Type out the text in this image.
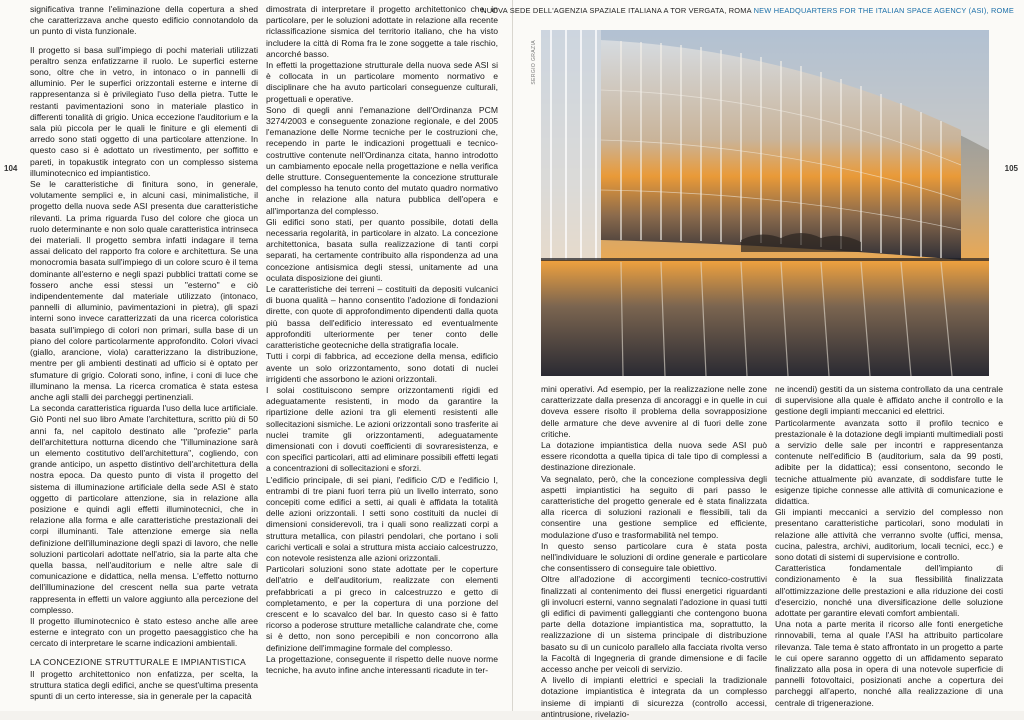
104

significativa tranne l'eliminazione della copertura a shed che caratterizzava anche questo edificio connotandolo da un punto di vista funzionale.

Il progetto si basa sull'impiego di pochi materiali utilizzati peraltro senza enfatizzarne il ruolo. Le superfici esterne sono, oltre che in vetro, in intonaco o in pannelli di alluminio. Per le superfici orizzontali esterne e interne di rappresentanza si è privilegiato l'uso della pietra. Tutte le restanti pavimentazioni sono in materiale plastico in differenti tonalità di grigio. Unica eccezione l'auditorium e la sala più piccola per le quali le finiture e gli elementi di arredo sono stati oggetto di una particolare attenzione. In questo caso si è adottato un rivestimento, per soffitto e pareti, in topakustik integrato con un complesso sistema illuminotecnico ed impiantistico.

Se le caratteristiche di finitura sono, in generale, volutamente semplici e, in alcuni casi, minimalistiche, il progetto della nuova sede ASI presenta due caratteristiche rilevanti. La prima riguarda l'uso del colore che gioca un ruolo determinante e non solo quale caratteristica intrinseca dei materiali. Il progetto sembra infatti indagare il tema assai delicato del rapporto fra colore e architettura. Se una monocromia basata sull'impiego di un colore scuro è il tema dominante all'esterno e negli spazi pubblici trattati come se fossero anche essi stessi un "esterno" e ciò indipendentemente dal materiale utilizzato (intonaco, pannelli di alluminio, pavimentazioni in pietra), gli spazi interni sono invece caratterizzati da una ricerca coloristica basata sull'impiego di colori non primari, sulla base di un piano del colore particolarmente approfondito. Colori vivaci (giallo, arancione, viola) caratterizzano la distribuzione, mentre per gli ambienti destinati ad ufficio si è optato per sfumature di grigio. Colorati sono, infine, i coni di luce che illuminano la mensa. La ricerca cromatica è stata estesa anche agli stalli dei parcheggi pertinenziali.

La seconda caratteristica riguarda l'uso della luce artificiale. Giò Ponti nel suo libro Amate l'architettura, scritto più di 50 anni fa, nel capitolo destinato alle "profezie" parla dell'architettura notturna dicendo che "l'illuminazione sarà un elemento costitutivo dell'architettura", cogliendo, con grande anticipo, un aspetto distintivo dell'architettura della nostra epoca. Da questo punto di vista il progetto del sistema di illuminazione artificiale della sede ASI è stato oggetto di particolare attenzione, sia in relazione alla posizione e quindi agli effetti illuminotecnici, che in relazione alla forma e alle caratteristiche prestazionali dei corpi illuminanti. Tale attenzione emerge sia nella definizione dell'illuminazione degli spazi di lavoro, che nelle soluzioni particolari adottate nell'atrio, sia la parte alta che quella bassa, nell'auditorium e nelle altre sale di comunicazione e didattica, nella mensa. L'effetto notturno dell'illuminazione del crescent nella sua parte vetrata rappresenta in effetti un valore aggiunto alla percezione del complesso.

Il progetto illuminotecnico è stato esteso anche alle aree esterne e integrato con un progetto paesaggistico che ha cercato di interpretare le scarne indicazioni ambientali.

LA CONCEZIONE STRUTTURALE E IMPIANTISTICA

Il progetto architettonico non enfatizza, per scelta, la struttura statica degli edifici, anche se quest'ultima presenta spunti di un certo interesse, sia in generale per la capacità

dimostrata di interpretare il progetto architettonico che, in particolare, per le soluzioni adottate in relazione alla recente riclassificazione sismica del territorio italiano, che ha visto includere la città di Roma fra le zone soggette a tale rischio, ancorché basso.

In effetti la progettazione strutturale della nuova sede ASI si è collocata in un particolare momento normativo e disciplinare che ha avuto particolari conseguenze culturali, progettuali e operative.

Sono di quegli anni l'emanazione dell'Ordinanza PCM 3274/2003 e conseguente zonazione regionale, e del 2005 l'emanazione delle Norme tecniche per le costruzioni che, recependo in parte le indicazioni progettuali e tecnico-costruttive contenute nell'Ordinanza citata, hanno introdotto un cambiamento epocale nella progettazione e nella verifica delle strutture. Conseguentemente la concezione strutturale del complesso ha tenuto conto del mutato quadro normativo anche in relazione alla natura pubblica dell'opera e all'importanza del complesso.

Gli edifici sono stati, per quanto possibile, dotati della necessaria regolarità, in particolare in alzato. La concezione architettonica, basata sulla realizzazione di tanti corpi separati, ha certamente contribuito alla rispondenza ad una concezione antisismica degli stessi, unitamente ad una oculata disposizione dei giunti.

Le caratteristiche dei terreni – costituiti da depositi vulcanici di buona qualità – hanno consentito l'adozione di fondazioni dirette, con quote di approfondimento dipendenti dalla quota più bassa dell'edificio interessato ed eventualmente approfonditi ulteriormente per tener conto delle caratteristiche geotecniche della stratigrafia locale.

Tutti i corpi di fabbrica, ad eccezione della mensa, edificio avente un solo orizzontamento, sono dotati di nuclei irrigidenti che assorbono le azioni orizzontali.

I solai costituiscono sempre orizzontamenti rigidi ed adeguatamente resistenti, in modo da garantire la ripartizione delle azioni tra gli elementi resistenti alle sollecitazioni sismiche. Le azioni orizzontali sono trasferite ai nuclei tramite gli orizzontamenti, adeguatamente dimensionati con i dovuti coefficienti di sovraresistenza, e con specifici particolari, atti ad eliminare possibili effetti legati a concentrazioni di sollecitazioni e sforzi.

L'edificio principale, di sei piani, l'edificio C/D e l'edificio I, entrambi di tre piani fuori terra più un livello interrato, sono concepiti come edifici a setti, ai quali è affidata la totalità delle azioni orizzontali. I setti sono costituiti da nuclei di dimensioni considerevoli, tra i quali sono realizzati corpi a struttura metallica, con pilastri pendolari, che portano i soli carichi verticali e solai a struttura mista acciaio calcestruzzo, con notevole resistenza alle azioni orizzontali.

Particolari soluzioni sono state adottate per le coperture dell'atrio e dell'auditorium, realizzate con elementi prefabbricati a pi greco in calcestruzzo e getto di completamento, e per la copertura di una porzione del crescent e lo scavalco del bar. In questo caso si è fatto ricorso a poderose strutture metalliche calandrate che, come si è detto, non sono percepibili e non concorrono alla definizione dell'immagine formale del complesso.

La progettazione, conseguente il rispetto delle nuove norme tecniche, ha avuto infine anche interessanti ricadute in ter-

NUOVA SEDE DELL'AGENZIA SPAZIALE ITALIANA A TOR VERGATA, ROMA NEW HEADQUARTERS FOR THE ITALIAN SPACE AGENCY (ASI), ROME
105
SERGIO GRAZIA

mini operativi. Ad esempio, per la realizzazione nelle zone caratterizzate dalla presenza di ancoraggi e in quelle in cui doveva essere risolto il problema della sovrapposizione delle armature che deve avvenire al di fuori delle zone critiche.

La dotazione impiantistica della nuova sede ASI può essere ricondotta a quella tipica di tale tipo di complessi a destinazione direzionale.

Va segnalato, però, che la concezione complessiva degli aspetti impiantistici ha seguito di pari passo le caratteristiche del progetto generale ed è stata finalizzata alla ricerca di soluzioni razionali e flessibili, tali da consentire una gestione semplice ed efficiente, modulazione d'uso e trasformabilità nel tempo.

In questo senso particolare cura è stata posta nell'individuare le soluzioni di ordine generale e particolare che consentissero di conseguire tale obiettivo.

Oltre all'adozione di accorgimenti tecnico-costruttivi finalizzati al contenimento dei flussi energetici riguardanti gli involucri esterni, vanno segnalati l'adozione in quasi tutti gli edifici di pavimenti galleggianti che contengono buona parte della dotazione impiantistica ma, soprattutto, la realizzazione di un sistema principale di distribuzione basato su di un cunicolo parallelo alla facciata rivolta verso la Facoltà di Ingegneria di grande dimensione e di facile accesso anche per veicoli di servizio.

A livello di impianti elettrici e speciali la tradizionale dotazione impiantistica è integrata da un complesso insieme di impianti di sicurezza (controllo accessi, antintrusione, rivelazio-

ne incendi) gestiti da un sistema controllato da una centrale di supervisione alla quale è affidato anche il controllo e la gestione degli impianti meccanici ed elettrici.

Particolarmente avanzata sotto il profilo tecnico e prestazionale è la dotazione degli impianti multimediali posti a servizio delle sale per incontri e rappresentanza contenute nell'edificio B (auditorium, sala da 99 posti, adibite per la didattica); essi consentono, secondo le tecniche attualmente più avanzate, di soddisfare tutte le esigenze tipiche connesse alle attività di comunicazione e didattica.

Gli impianti meccanici a servizio del complesso non presentano caratteristiche particolari, sono modulati in relazione alle attività che verranno svolte (uffici, mensa, cucina, palestra, archivi, auditorium, locali tecnici, ecc.) e sono dotati di sistemi di supervisione e controllo.

Caratteristica fondamentale dell'impianto di condizionamento è la sua flessibilità finalizzata all'ottimizzazione delle prestazioni e alla riduzione dei costi d'esercizio, nonché una diversificazione delle soluzione adottate per garantire elevati comfort ambientali.

Una nota a parte merita il ricorso alle fonti energetiche rinnovabili, tema al quale l'ASI ha attribuito particolare rilevanza. Tale tema è stato affrontato in un progetto a parte le cui opere saranno oggetto di un affidamento separato finalizzato alla posa in opera di una notevole superficie di pannelli fotovoltaici, posizionati anche a copertura dei parcheggi all'aperto, nonché alla realizzazione di una centrale di trigenerazione.
